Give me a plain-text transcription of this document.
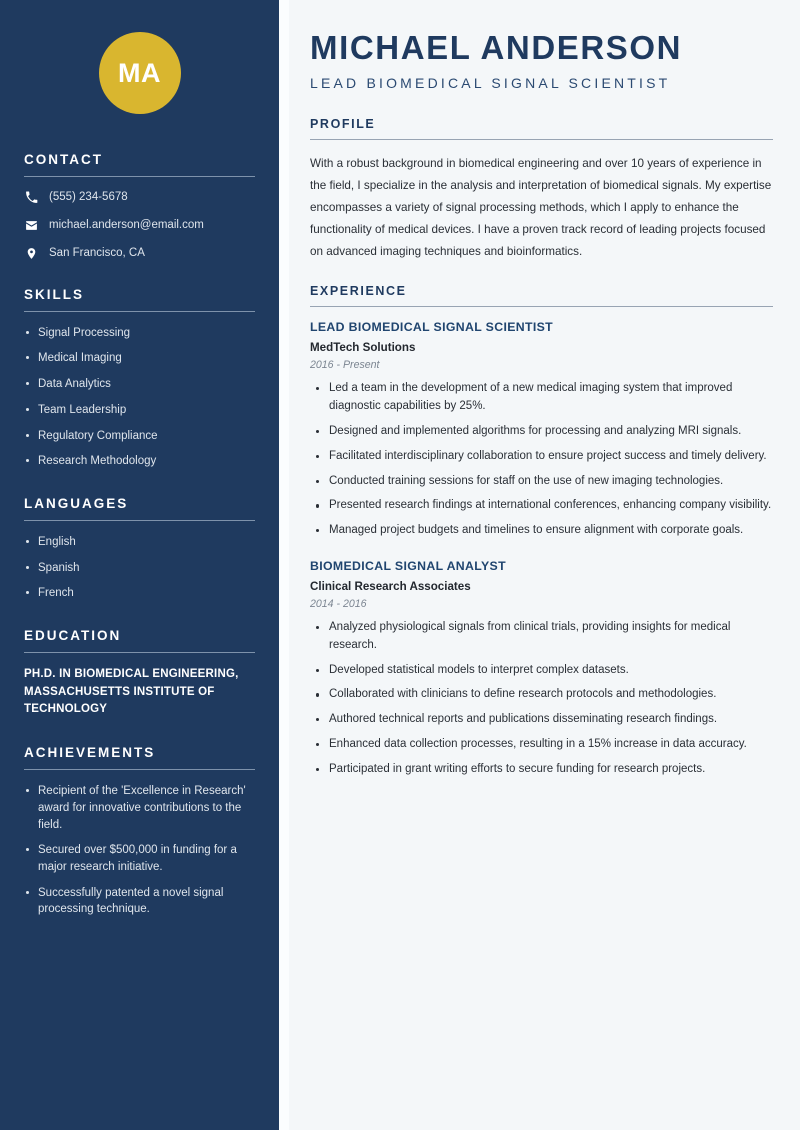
MA
CONTACT
(555) 234-5678
michael.anderson@email.com
San Francisco, CA
SKILLS
Signal Processing
Medical Imaging
Data Analytics
Team Leadership
Regulatory Compliance
Research Methodology
LANGUAGES
English
Spanish
French
EDUCATION
PH.D. IN BIOMEDICAL ENGINEERING, MASSACHUSETTS INSTITUTE OF TECHNOLOGY
ACHIEVEMENTS
Recipient of the 'Excellence in Research' award for innovative contributions to the field.
Secured over $500,000 in funding for a major research initiative.
Successfully patented a novel signal processing technique.
MICHAEL ANDERSON
LEAD BIOMEDICAL SIGNAL SCIENTIST
PROFILE

With a robust background in biomedical engineering and over 10 years of experience in the field, I specialize in the analysis and interpretation of biomedical signals. My expertise encompasses a variety of signal processing methods, which I apply to enhance the functionality of medical devices. I have a proven track record of leading projects focused on advanced imaging techniques and bioinformatics.

EXPERIENCE
LEAD BIOMEDICAL SIGNAL SCIENTIST
MedTech Solutions
2016 - Present
Led a team in the development of a new medical imaging system that improved diagnostic capabilities by 25%.
Designed and implemented algorithms for processing and analyzing MRI signals.
Facilitated interdisciplinary collaboration to ensure project success and timely delivery.
Conducted training sessions for staff on the use of new imaging technologies.
Presented research findings at international conferences, enhancing company visibility.
Managed project budgets and timelines to ensure alignment with corporate goals.
BIOMEDICAL SIGNAL ANALYST
Clinical Research Associates
2014 - 2016
Analyzed physiological signals from clinical trials, providing insights for medical research.
Developed statistical models to interpret complex datasets.
Collaborated with clinicians to define research protocols and methodologies.
Authored technical reports and publications disseminating research findings.
Enhanced data collection processes, resulting in a 15% increase in data accuracy.
Participated in grant writing efforts to secure funding for research projects.
